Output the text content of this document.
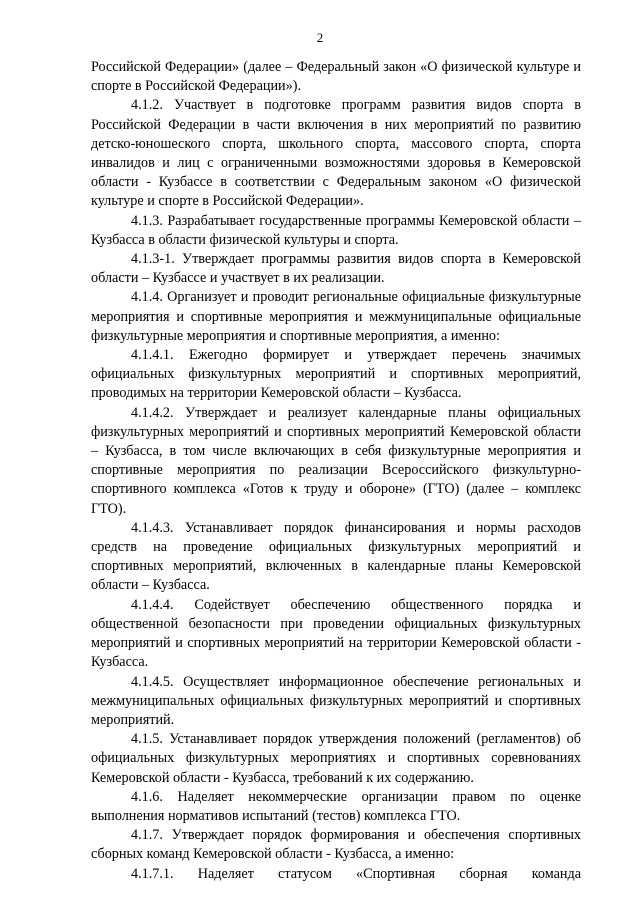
2

Российской Федерации» (далее – Федеральный закон «О физической культуре и спорте в Российской Федерации»).

4.1.2. Участвует в подготовке программ развития видов спорта в Российской Федерации в части включения в них мероприятий по развитию детско-юношеского спорта, школьного спорта, массового спорта, спорта инвалидов и лиц с ограниченными возможностями здоровья в Кемеровской области - Кузбассе в соответствии с Федеральным законом «О физической культуре и спорте в Российской Федерации».

4.1.3. Разрабатывает государственные программы Кемеровской области – Кузбасса в области физической культуры и спорта.

4.1.3-1. Утверждает программы развития видов спорта в Кемеровской области – Кузбассе и участвует в их реализации.

4.1.4. Организует и проводит региональные официальные физкультурные мероприятия и спортивные мероприятия и межмуниципальные официальные физкультурные мероприятия и спортивные мероприятия, а именно:

4.1.4.1. Ежегодно формирует и утверждает перечень значимых официальных физкультурных мероприятий и спортивных мероприятий, проводимых на территории Кемеровской области – Кузбасса.

4.1.4.2. Утверждает и реализует календарные планы официальных физкультурных мероприятий и спортивных мероприятий Кемеровской области – Кузбасса, в том числе включающих в себя физкультурные мероприятия и спортивные мероприятия по реализации Всероссийского физкультурно-спортивного комплекса «Готов к труду и обороне» (ГТО) (далее – комплекс ГТО).

4.1.4.3. Устанавливает порядок финансирования и нормы расходов средств на проведение официальных физкультурных мероприятий и спортивных мероприятий, включенных в календарные планы Кемеровской области – Кузбасса.

4.1.4.4. Содействует обеспечению общественного порядка и общественной безопасности при проведении официальных физкультурных мероприятий и спортивных мероприятий на территории Кемеровской области - Кузбасса.

4.1.4.5. Осуществляет информационное обеспечение региональных и межмуниципальных официальных физкультурных мероприятий и спортивных мероприятий.

4.1.5. Устанавливает порядок утверждения положений (регламентов) об официальных физкультурных мероприятиях и спортивных соревнованиях Кемеровской области - Кузбасса, требований к их содержанию.

4.1.6. Наделяет некоммерческие организации правом по оценке выполнения нормативов испытаний (тестов) комплекса ГТО.

4.1.7. Утверждает порядок формирования и обеспечения спортивных сборных команд Кемеровской области - Кузбасса, а именно:

4.1.7.1. Наделяет статусом «Спортивная сборная команда
